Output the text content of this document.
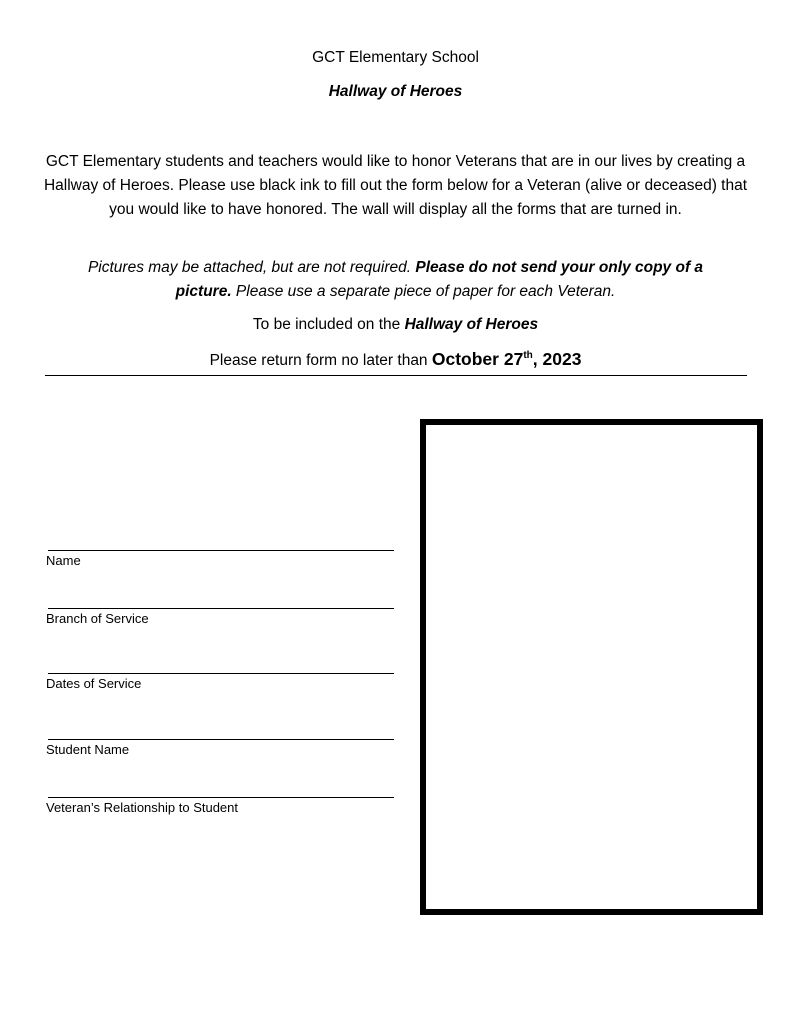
GCT Elementary School
Hallway of Heroes
GCT Elementary students and teachers would like to honor Veterans that are in our lives by creating a Hallway of Heroes. Please use black ink to fill out the form below for a Veteran (alive or deceased) that you would like to have honored. The wall will display all the forms that are turned in.
Pictures may be attached, but are not required. Please do not send your only copy of a picture. Please use a separate piece of paper for each Veteran.
To be included on the Hallway of Heroes
Please return form no later than October 27th, 2023
Name
Branch of Service
Dates of Service
Student Name
Veteran’s Relationship to Student
